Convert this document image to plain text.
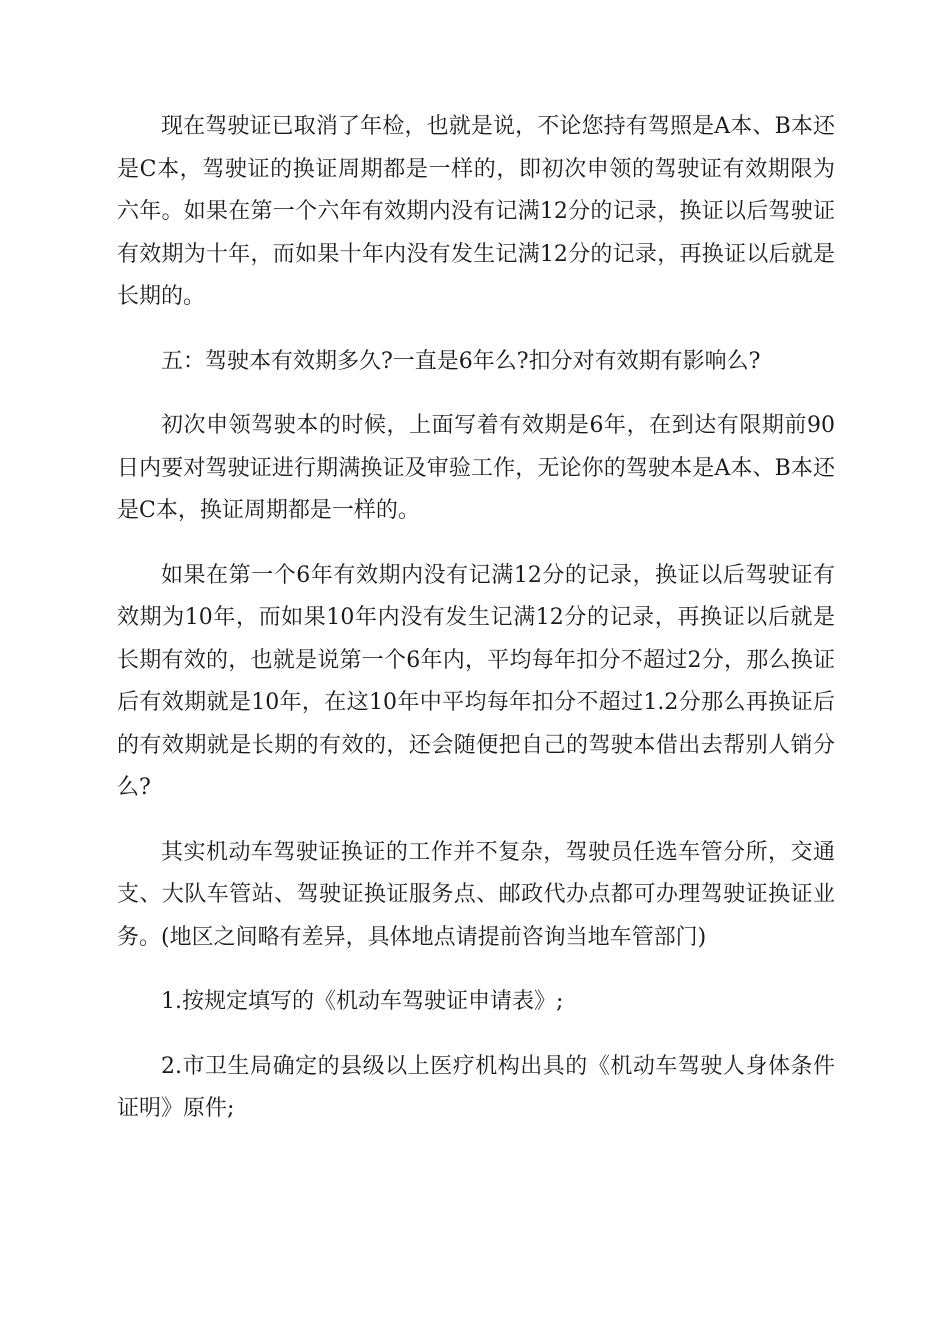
现在驾驶证已取消了年检，也就是说，不论您持有驾照是A本、B本还是C本，驾驶证的换证周期都是一样的，即初次申领的驾驶证有效期限为六年。如果在第一个六年有效期内没有记满12分的记录，换证以后驾驶证有效期为十年，而如果十年内没有发生记满12分的记录，再换证以后就是长期的。

五：驾驶本有效期多久?一直是6年么?扣分对有效期有影响么?

初次申领驾驶本的时候，上面写着有效期是6年，在到达有限期前90日内要对驾驶证进行期满换证及审验工作，无论你的驾驶本是A本、B本还是C本，换证周期都是一样的。

如果在第一个6年有效期内没有记满12分的记录，换证以后驾驶证有效期为10年，而如果10年内没有发生记满12分的记录，再换证以后就是长期有效的，也就是说第一个6年内，平均每年扣分不超过2分，那么换证后有效期就是10年，在这10年中平均每年扣分不超过1.2分那么再换证后的有效期就是长期的有效的，还会随便把自己的驾驶本借出去帮别人销分么?

其实机动车驾驶证换证的工作并不复杂，驾驶员任选车管分所，交通支、大队车管站、驾驶证换证服务点、邮政代办点都可办理驾驶证换证业务。(地区之间略有差异，具体地点请提前咨询当地车管部门)

1.按规定填写的《机动车驾驶证申请表》;

2.市卫生局确定的县级以上医疗机构出具的《机动车驾驶人身体条件证明》原件;
